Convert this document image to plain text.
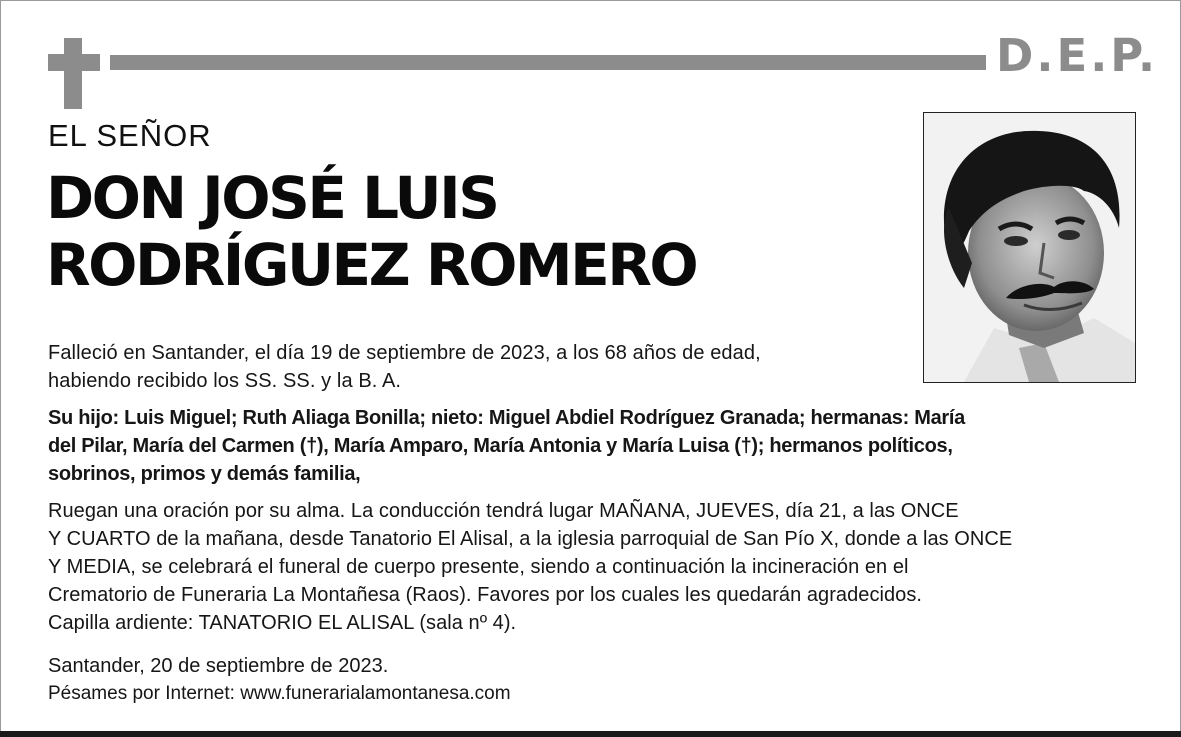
D.E.P.
EL SEÑOR
DON JOSÉ LUIS
RODRÍGUEZ ROMERO
Falleció en Santander, el día 19 de septiembre de 2023, a los 68 años de edad,
habiendo recibido los SS. SS. y la B. A.
Su hijo: Luis Miguel; Ruth Aliaga Bonilla; nieto: Miguel Abdiel Rodríguez Granada; hermanas: María
del Pilar, María del Carmen (†), María Amparo, María Antonia y María Luisa (†); hermanos políticos,
sobrinos, primos y demás familia,
Ruegan una oración por su alma. La conducción tendrá lugar MAÑANA, JUEVES, día 21, a las ONCE
Y CUARTO de la mañana, desde Tanatorio El Alisal, a la iglesia parroquial de San Pío X, donde a las ONCE
Y MEDIA, se celebrará el funeral de cuerpo presente, siendo a continuación la incineración en el
Crematorio de Funeraria La Montañesa (Raos). Favores por los cuales les quedarán agradecidos.
Capilla ardiente: TANATORIO EL ALISAL (sala nº 4).
Santander, 20 de septiembre de 2023.
Pésames por Internet: www.funerarialamontanesa.com
